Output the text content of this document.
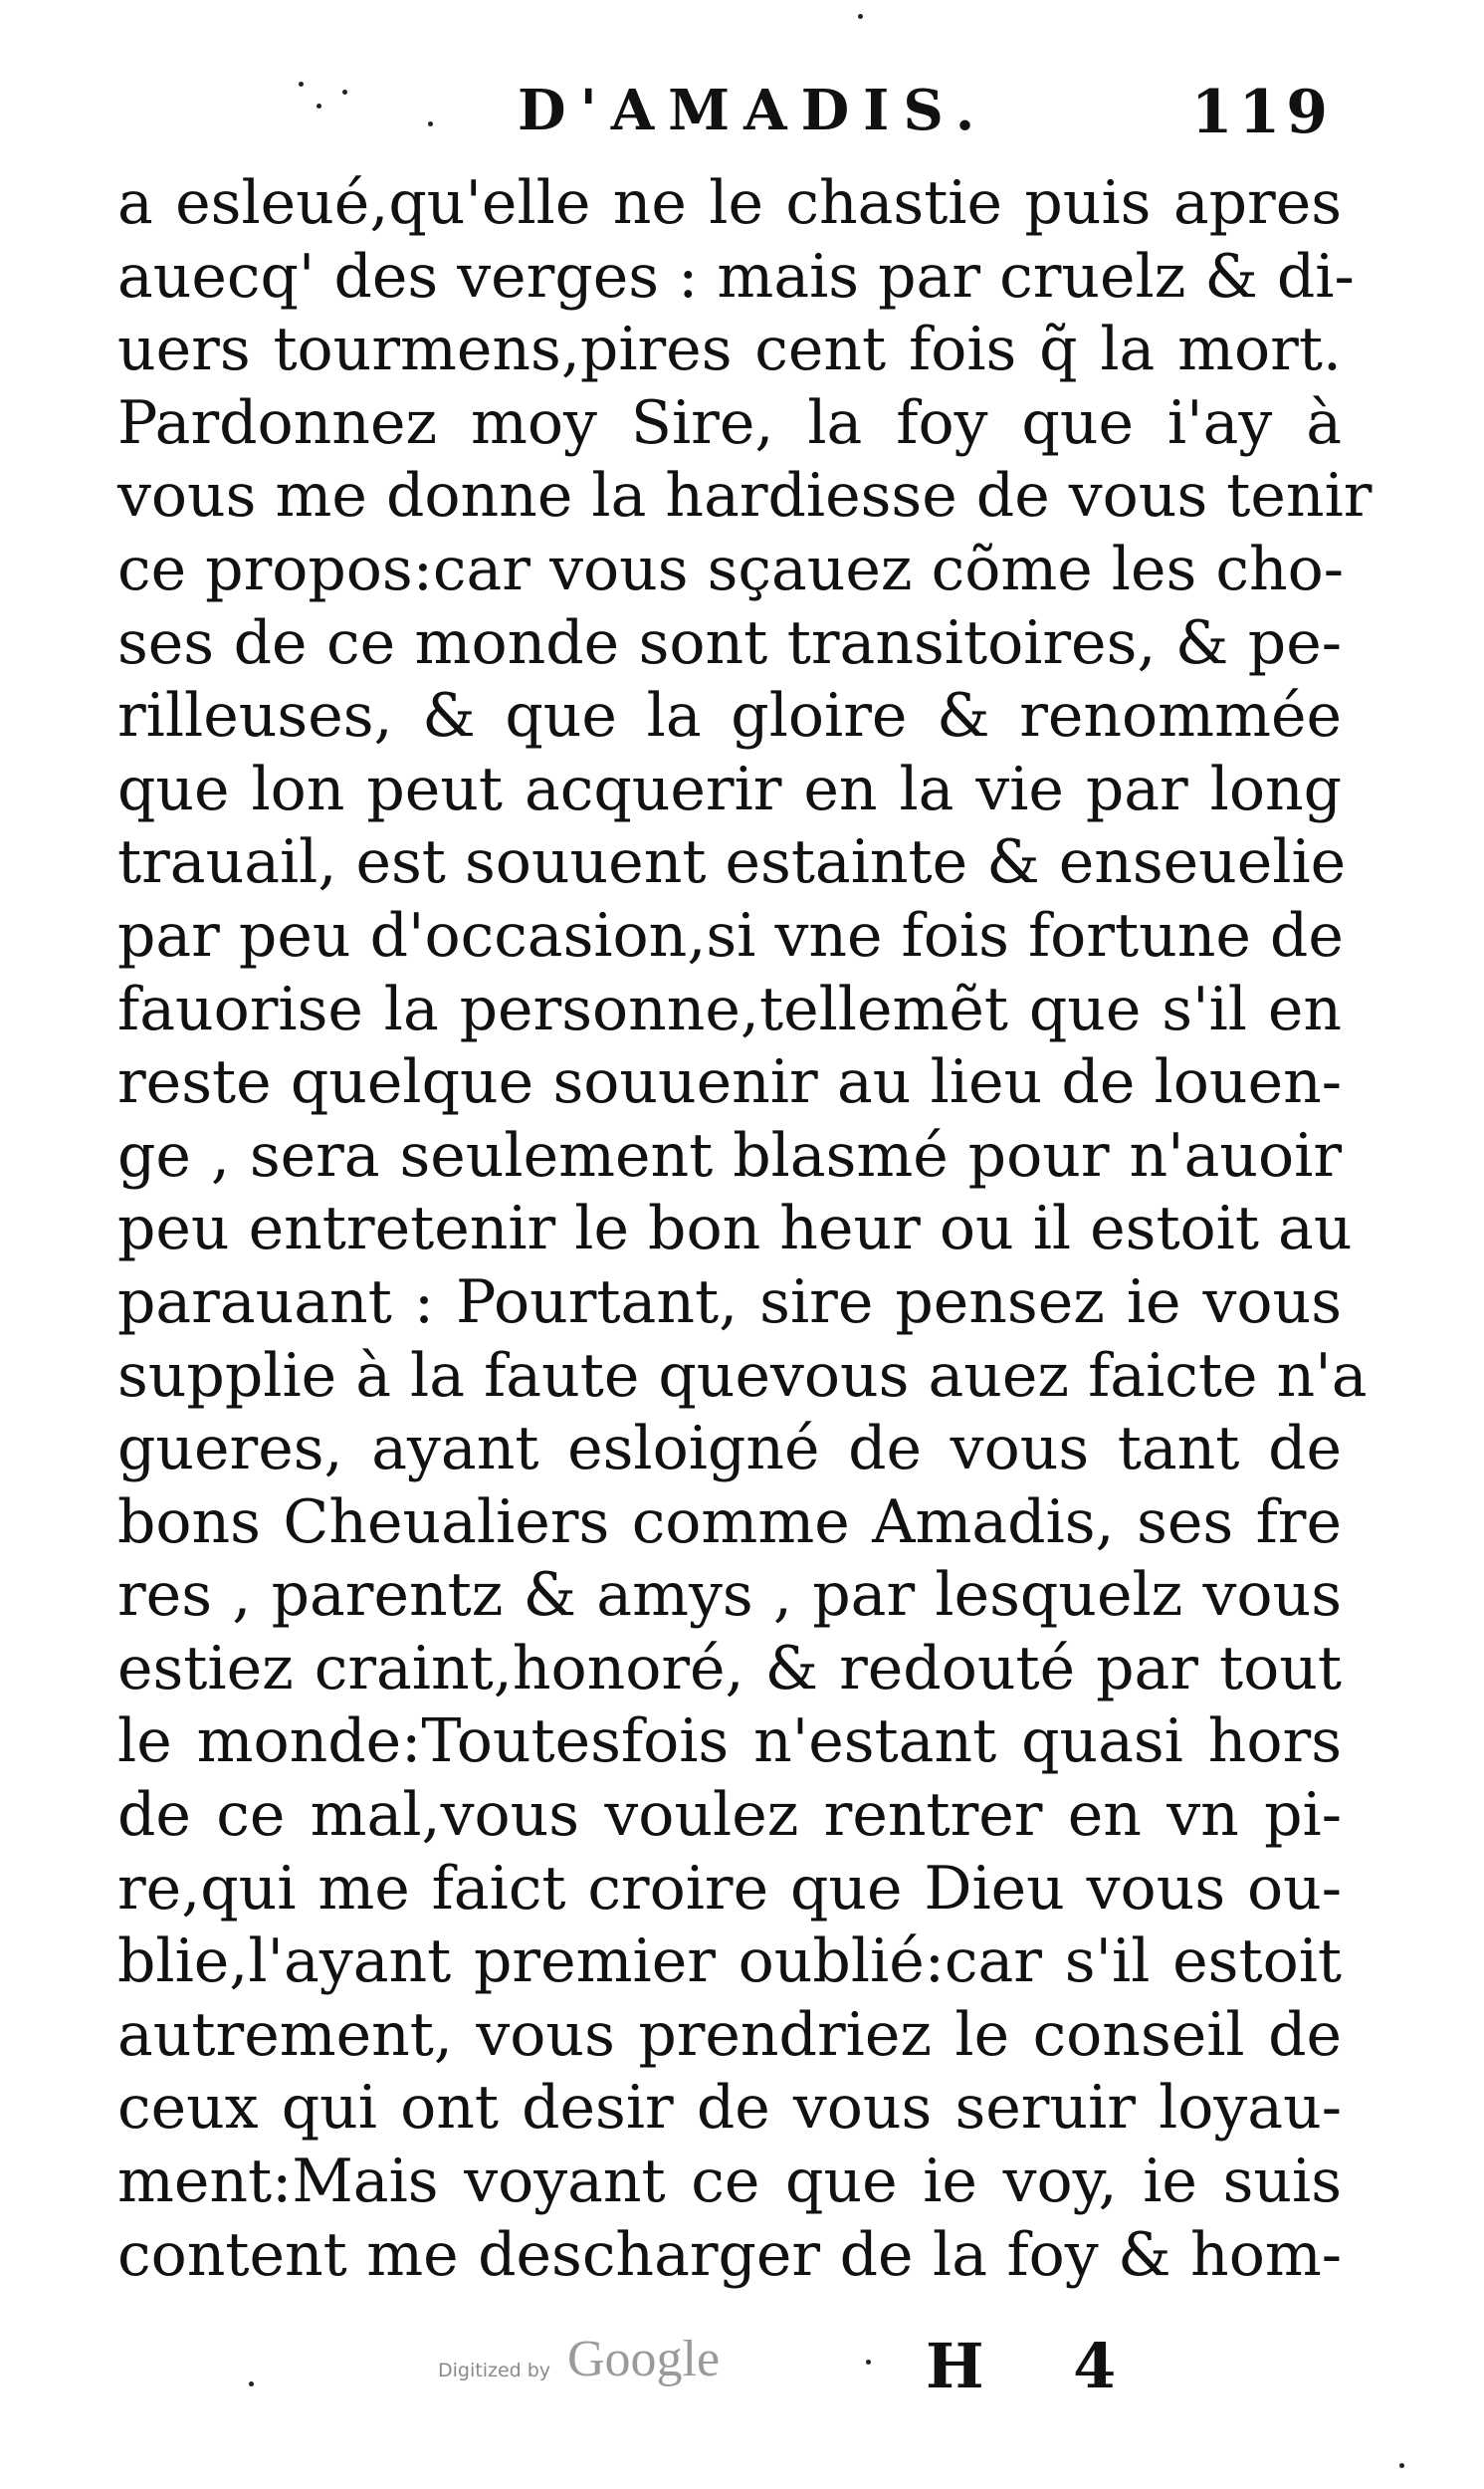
D'AMADIS.	119
a esleué,qu'elle ne le chastie puis apres
auecq' des verges : mais par cruelz & di-
uers tourmens,pires cent fois q̃ la mort.
Pardonnez moy Sire, la foy que i'ay à
vous me donne la hardiesse de vous tenir
ce propos:car vous sçauez cõme les cho-
ses de ce monde sont transitoires, & pe-
rilleuses, & que la gloire & renommée
que lon peut acquerir en la vie par long
trauail, est souuent estainte & enseuelie
par peu d'occasion,si vne fois fortune de
fauorise la personne,tellemẽt que s'il en
reste quelque souuenir au lieu de louen-
ge , sera seulement blasmé pour n'auoir
peu entretenir le bon heur ou il estoit au
parauant : Pourtant, sire pensez ie vous
supplie à la faute quevous auez faicte n'a
gueres, ayant esloigné de vous tant de
bons Cheualiers comme Amadis, ses fre
res , parentz & amys , par lesquelz vous
estiez craint,honoré, & redouté par tout
le monde:Toutesfois n'estant quasi hors
de ce mal,vous voulez rentrer en vn pi-
re,qui me faict croire que Dieu vous ou-
blie,l'ayant premier oublié:car s'il estoit
autrement, vous prendriez le conseil de
ceux qui ont desir de vous seruir loyau-
ment:Mais voyant ce que ie voy, ie suis
content me descharger de la foy & hom-
Digitized by Google	H 4
